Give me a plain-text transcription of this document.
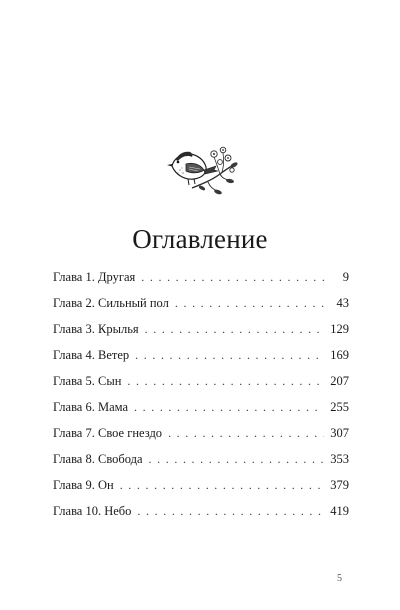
Оглавление
Глава 1. Другая . . .	9
Глава 2. Сильный пол . . .	43
Глава 3. Крылья . . .	129
Глава 4. Ветер . . .	169
Глава 5. Сын . . .	207
Глава 6. Мама . . .	255
Глава 7. Свое гнездо . . .	307
Глава 8. Свобода . . .	353
Глава 9. Он . . .	379
Глава 10. Небо . . .	419
5
